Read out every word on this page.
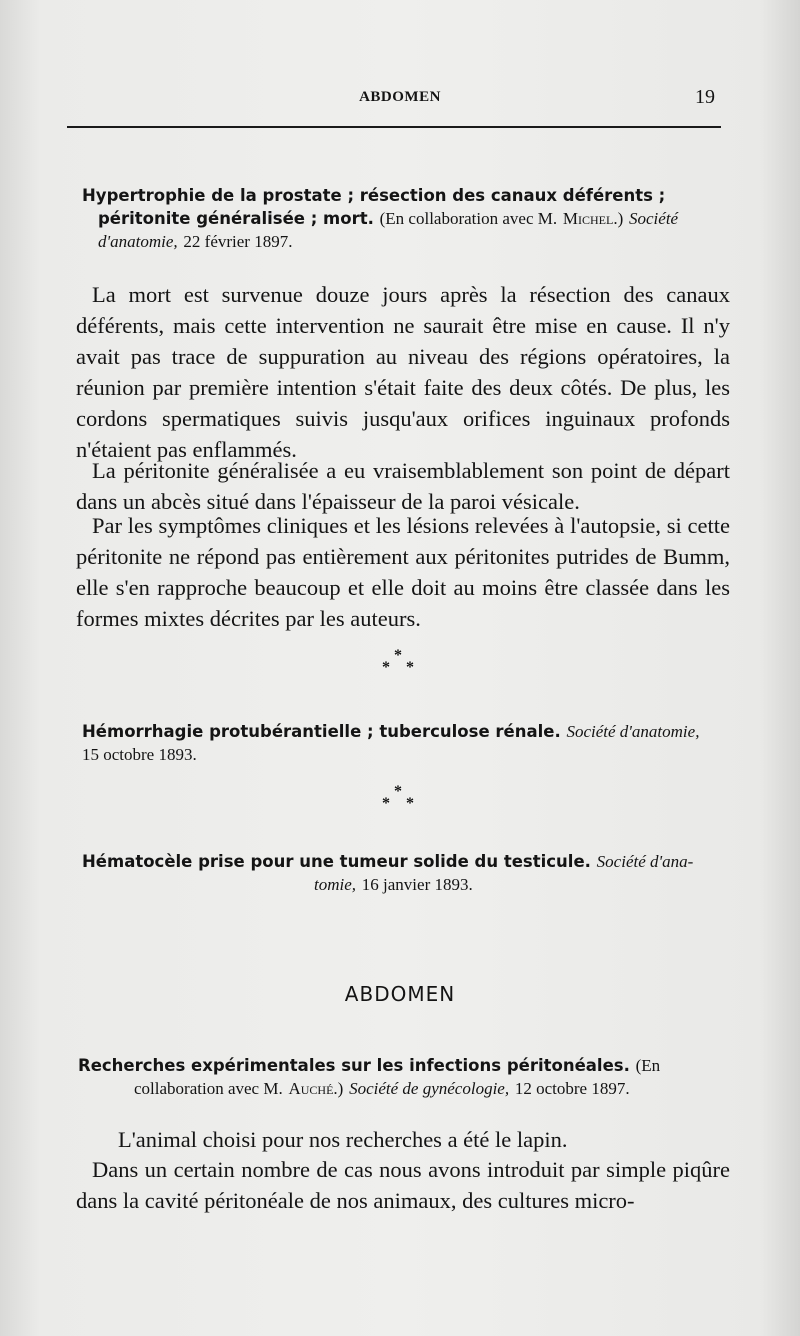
ABDOMEN	19
Hypertrophie de la prostate ; résection des canaux déférents ;
péritonite généralisée ; mort. (En collaboration avec M. Michel.) Société
d'anatomie, 22 février 1897.

La mort est survenue douze jours après la résection des canaux déférents, mais cette intervention ne saurait être mise en cause. Il n'y avait pas trace de suppuration au niveau des régions opératoires, la réunion par première intention s'était faite des deux côtés. De plus, les cordons spermatiques suivis jusqu'aux orifices inguinaux profonds n'étaient pas enflammés.

La péritonite généralisée a eu vraisemblablement son point de départ dans un abcès situé dans l'épaisseur de la paroi vésicale.

Par les symptômes cliniques et les lésions relevées à l'autopsie, si cette péritonite ne répond pas entièrement aux péritonites putrides de Bumm, elle s'en rapproche beaucoup et elle doit au moins être classée dans les formes mixtes décrites par les auteurs.

*
* *
Hémorrhagie protubérantielle ; tuberculose rénale. Société d'anatomie,
15 octobre 1893.
*
* *
Hématocèle prise pour une tumeur solide du testicule. Société d'ana-
tomie, 16 janvier 1893.
ABDOMEN
Recherches expérimentales sur les infections péritonéales. (En
collaboration avec M. Auché.) Société de gynécologie, 12 octobre 1897.

L'animal choisi pour nos recherches a été le lapin.

Dans un certain nombre de cas nous avons introduit par simple piqûre dans la cavité péritonéale de nos animaux, des cultures micro-
